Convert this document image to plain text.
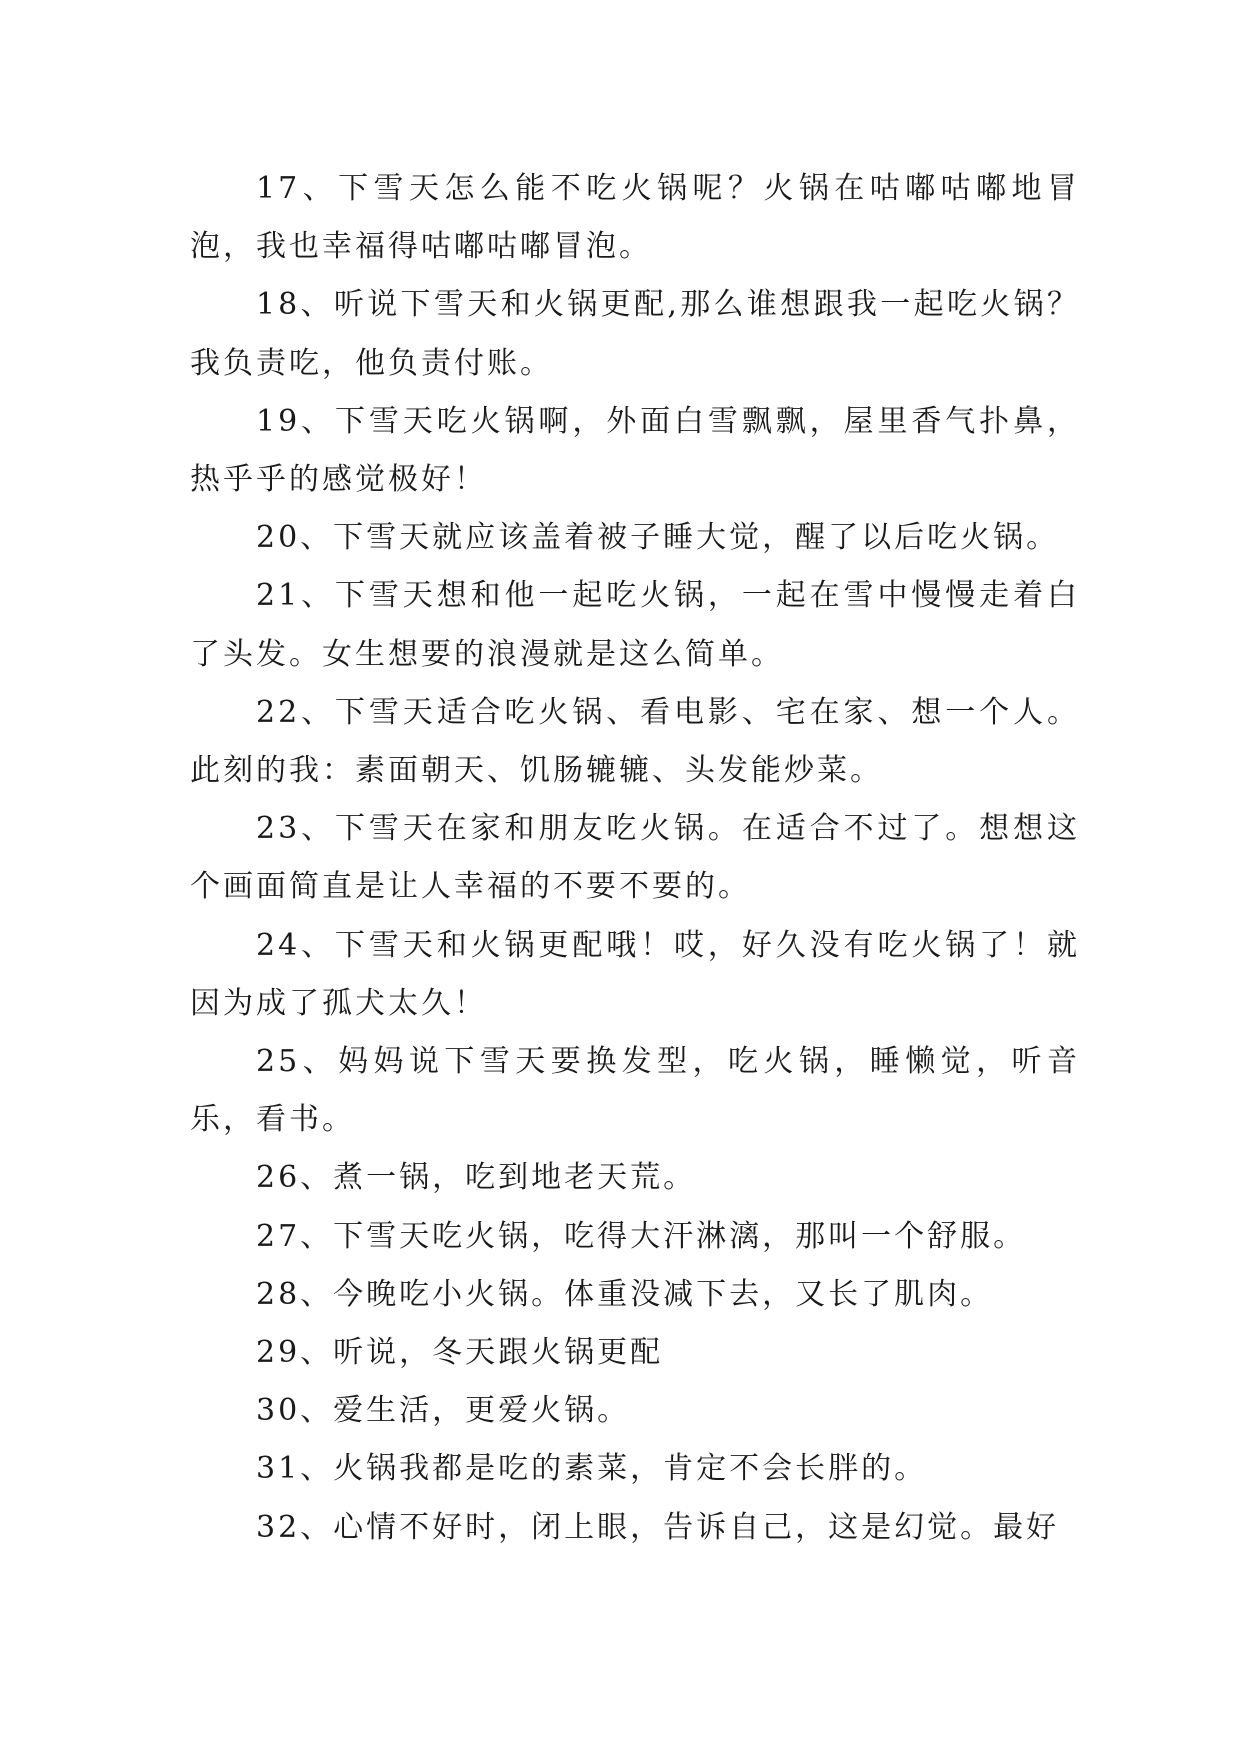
17、下雪天怎么能不吃火锅呢？火锅在咕嘟咕嘟地冒泡，我也幸福得咕嘟咕嘟冒泡。

18、听说下雪天和火锅更配,那么谁想跟我一起吃火锅？我负责吃，他负责付账。

19、下雪天吃火锅啊，外面白雪飘飘，屋里香气扑鼻，热乎乎的感觉极好！

20、下雪天就应该盖着被子睡大觉，醒了以后吃火锅。

21、下雪天想和他一起吃火锅，一起在雪中慢慢走着白了头发。女生想要的浪漫就是这么简单。

22、下雪天适合吃火锅、看电影、宅在家、想一个人。此刻的我：素面朝天、饥肠辘辘、头发能炒菜。

23、下雪天在家和朋友吃火锅。在适合不过了。想想这个画面简直是让人幸福的不要不要的。

24、下雪天和火锅更配哦！哎，好久没有吃火锅了！就因为成了孤犬太久！

25、妈妈说下雪天要换发型，吃火锅，睡懒觉，听音乐，看书。

26、煮一锅，吃到地老天荒。

27、下雪天吃火锅，吃得大汗淋漓，那叫一个舒服。

28、今晚吃小火锅。体重没减下去，又长了肌肉。

29、听说，冬天跟火锅更配

30、爱生活，更爱火锅。

31、火锅我都是吃的素菜，肯定不会长胖的。

32、心情不好时，闭上眼，告诉自己，这是幻觉。最好
